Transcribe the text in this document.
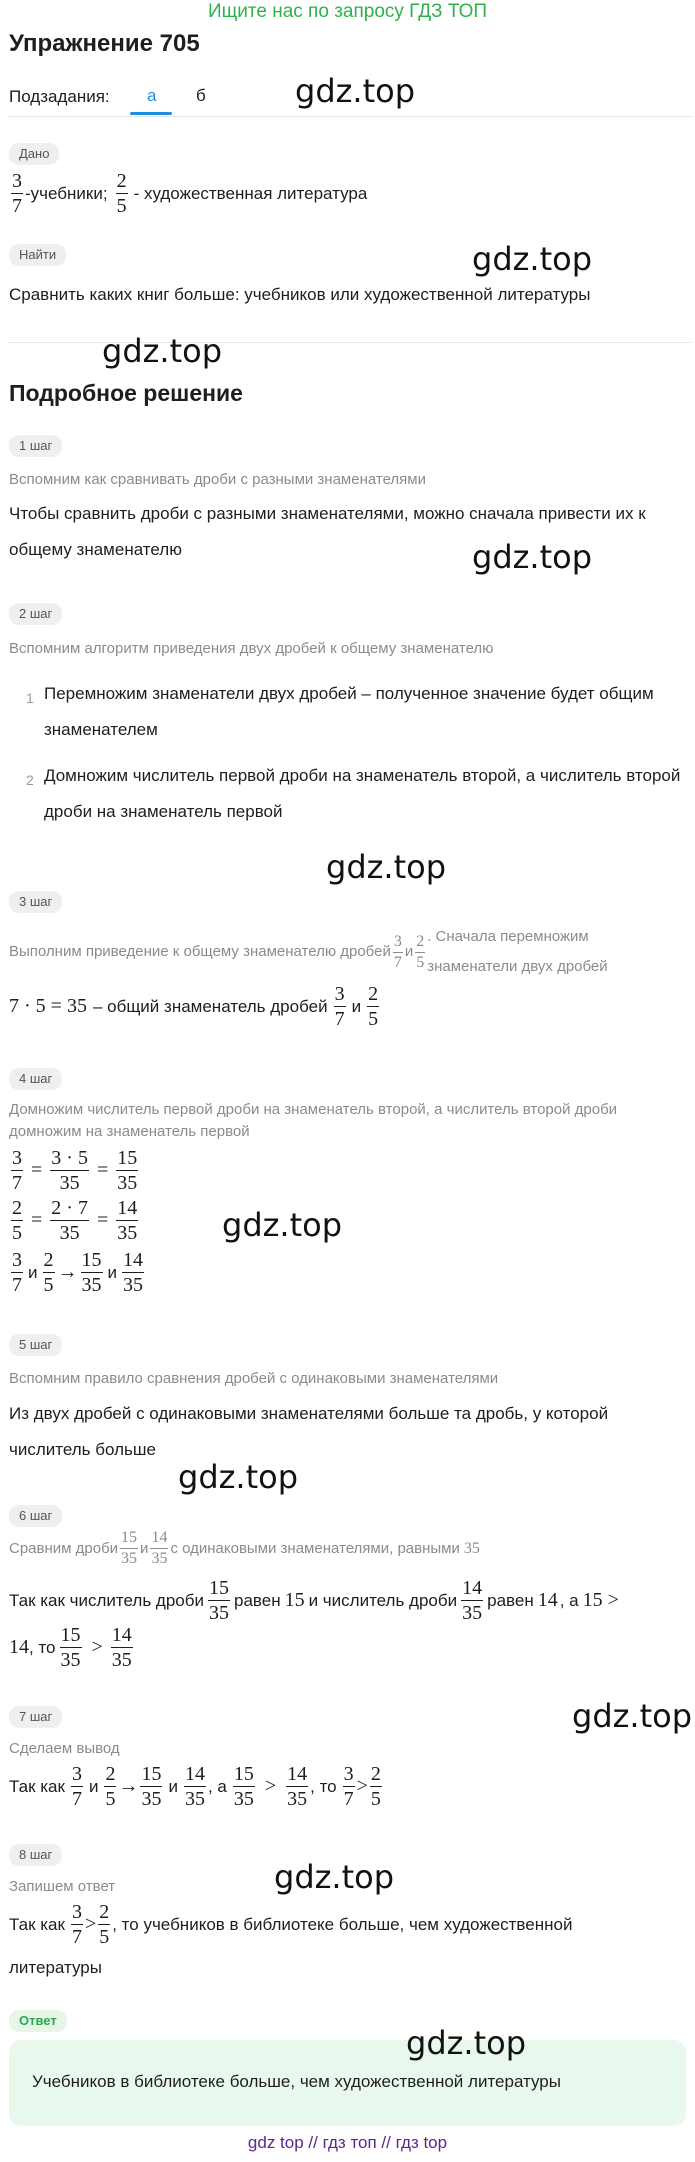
Ищите нас по запросу ГДЗ ТОП
Упражнение 705
Подзадания: а б	gdz.top
Дано
$\frac{3}{7}$ -учебники; $\frac{2}{5}$ - художественная литература
Найти	gdz.top
Сравнить каких книг больше: учебников или художественной литературы
gdz.top
Подробное решение
1 шаг
Вспомним как сравнивать дроби с разными знаменателями
Чтобы сравнить дроби с разными знаменателями, можно сначала привести их к общему знаменателю	gdz.top
2 шаг
Вспомним алгоритм приведения двух дробей к общему знаменателю
1 Перемножим знаменатели двух дробей – полученное значение будет общим знаменателем
2 Домножим числитель первой дроби на знаменатель второй, а числитель второй дроби на знаменатель первой
gdz.top
3 шаг
Выполним приведение к общему знаменателю дробей $\frac{3}{7}$ и $\frac{2}{5}$ . Сначала перемножим знаменатели двух дробей
7 · 5 = 35 – общий знаменатель дробей $\frac{3}{7}$ и $\frac{2}{5}$
4 шаг
Домножим числитель первой дроби на знаменатель второй, а числитель второй дроби домножим на знаменатель первой
$\frac{3}{7} = \frac{3 \cdot 5}{35} = \frac{15}{35}$
$\frac{2}{5} = \frac{2 \cdot 7}{35} = \frac{14}{35}$	gdz.top
$\frac{3}{7}$ и $\frac{2}{5} \to \frac{15}{35}$ и $\frac{14}{35}$
5 шаг
Вспомним правило сравнения дробей с одинаковыми знаменателями
Из двух дробей с одинаковыми знаменателями больше та дробь, у которой числитель больше
gdz.top
6 шаг
Сравним дроби $\frac{15}{35}$ и $\frac{14}{35}$ с одинаковыми знаменателями, равными 35
Так как числитель дроби $\frac{15}{35}$ равен 15 и числитель дроби $\frac{14}{35}$ равен 14 , а 15 >
14 , то $\frac{15}{35} > \frac{14}{35}$
7 шаг	gdz.top
Сделаем вывод
Так как $\frac{3}{7}$ и $\frac{2}{5} \to \frac{15}{35}$ и $\frac{14}{35}$ , а $\frac{15}{35} > \frac{14}{35}$ , то $\frac{3}{7} > \frac{2}{5}$
8 шаг
gdz.top
Запишем ответ
Так как $\frac{3}{7} > \frac{2}{5}$ , то учебников в библиотеке больше, чем художественной
литературы
Ответ
gdz.top
Учебников в библиотеке больше, чем художественной литературы
gdz top // гдз топ // гдз top
